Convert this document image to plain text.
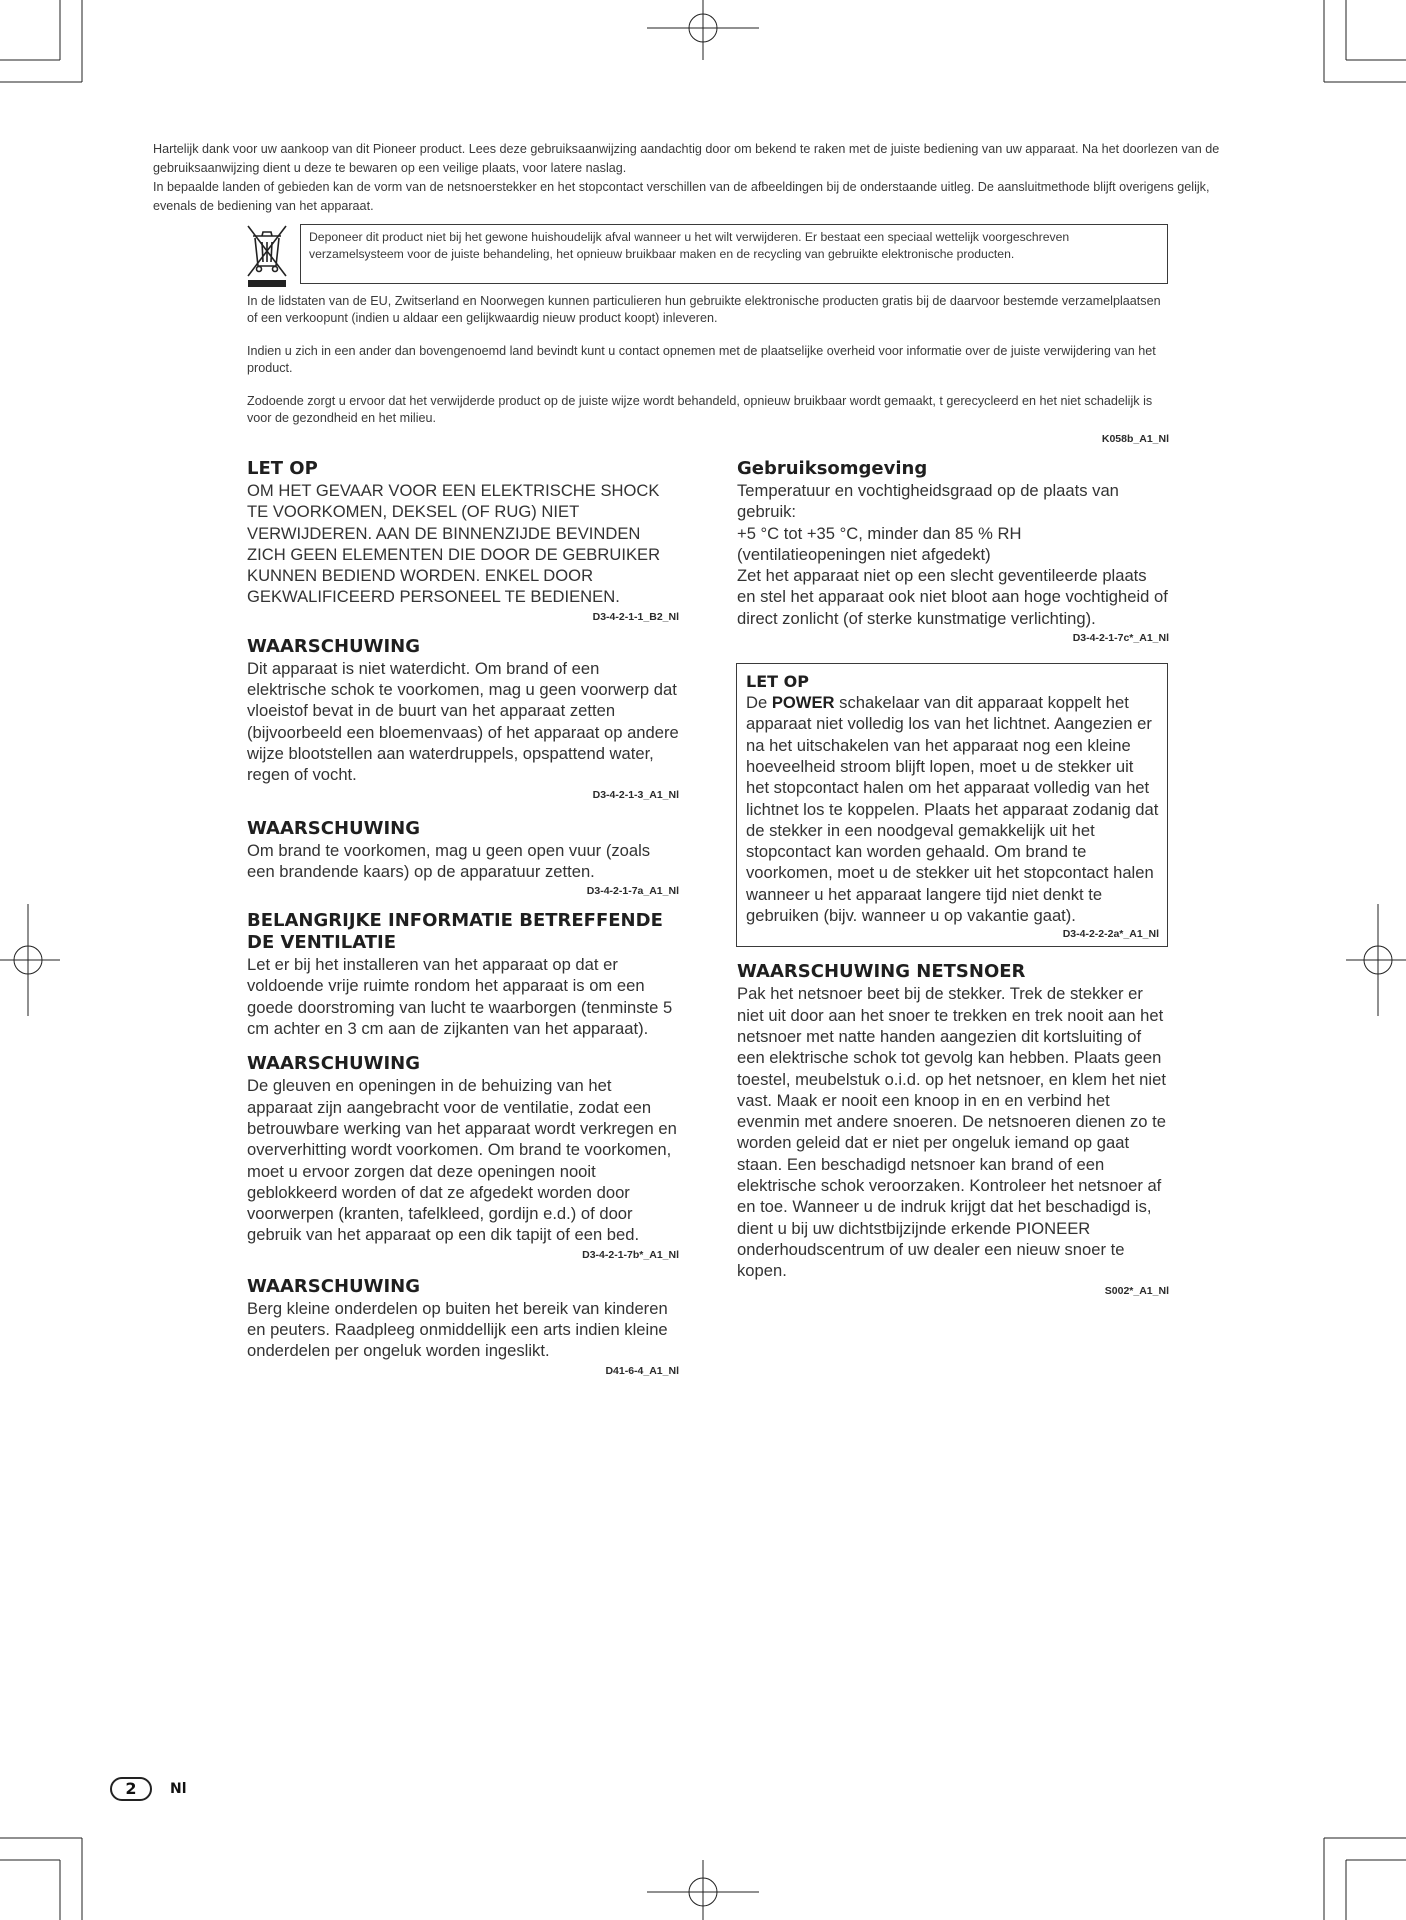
Hartelijk dank voor uw aankoop van dit Pioneer product. Lees deze gebruiksaanwijzing aandachtig door om bekend te raken met de juiste bediening van uw apparaat. Na het doorlezen van de gebruiksaanwijzing dient u deze te bewaren op een veilige plaats, voor latere naslag.

In bepaalde landen of gebieden kan de vorm van de netsnoerstekker en het stopcontact verschillen van de afbeeldingen bij de onderstaande uitleg. De aansluitmethode blijft overigens gelijk, evenals de bediening van het apparaat.

Deponeer dit product niet bij het gewone huishoudelijk afval wanneer u het wilt verwijderen. Er bestaat een speciaal wettelijk voorgeschreven verzamelsysteem voor de juiste behandeling, het opnieuw bruikbaar maken en de recycling van gebruikte elektronische producten.
In de lidstaten van de EU, Zwitserland en Noorwegen kunnen particulieren hun gebruikte elektronische producten gratis bij de daarvoor bestemde verzamelplaatsen of een verkoopunt (indien u aldaar een gelijkwaardig nieuw product koopt) inleveren.
Indien u zich in een ander dan bovengenoemd land bevindt kunt u contact opnemen met de plaatselijke overheid voor informatie over de juiste verwijdering van het product.
Zodoende zorgt u ervoor dat het verwijderde product op de juiste wijze wordt behandeld, opnieuw bruikbaar wordt gemaakt, t gerecycleerd en het niet schadelijk is voor de gezondheid en het milieu.
K058b_A1_Nl
LET OP

OM HET GEVAAR VOOR EEN ELEKTRISCHE SHOCK TE VOORKOMEN, DEKSEL (OF RUG) NIET VERWIJDEREN. AAN DE BINNENZIJDE BEVINDEN ZICH GEEN ELEMENTEN DIE DOOR DE GEBRUIKER KUNNEN BEDIEND WORDEN. ENKEL DOOR GEKWALIFICEERD PERSONEEL TE BEDIENEN.

D3-4-2-1-1_B2_Nl
WAARSCHUWING

Dit apparaat is niet waterdicht. Om brand of een elektrische schok te voorkomen, mag u geen voorwerp dat vloeistof bevat in de buurt van het apparaat zetten (bijvoorbeeld een bloemenvaas) of het apparaat op andere wijze blootstellen aan waterdruppels, opspattend water, regen of vocht.

D3-4-2-1-3_A1_Nl
WAARSCHUWING

Om brand te voorkomen, mag u geen open vuur (zoals een brandende kaars) op de apparatuur zetten.

D3-4-2-1-7a_A1_Nl
BELANGRIJKE INFORMATIE BETREFFENDE DE VENTILATIE

Let er bij het installeren van het apparaat op dat er voldoende vrije ruimte rondom het apparaat is om een goede doorstroming van lucht te waarborgen (tenminste 5 cm achter en 3 cm aan de zijkanten van het apparaat).

WAARSCHUWING

De gleuven en openingen in de behuizing van het apparaat zijn aangebracht voor de ventilatie, zodat een betrouwbare werking van het apparaat wordt verkregen en oververhitting wordt voorkomen. Om brand te voorkomen, moet u ervoor zorgen dat deze openingen nooit geblokkeerd worden of dat ze afgedekt worden door voorwerpen (kranten, tafelkleed, gordijn e.d.) of door gebruik van het apparaat op een dik tapijt of een bed.

D3-4-2-1-7b*_A1_Nl
WAARSCHUWING

Berg kleine onderdelen op buiten het bereik van kinderen en peuters. Raadpleeg onmiddellijk een arts indien kleine onderdelen per ongeluk worden ingeslikt.

D41-6-4_A1_Nl
Gebruiksomgeving

Temperatuur en vochtigheidsgraad op de plaats van gebruik:
+5 °C tot +35 °C, minder dan 85 % RH (ventilatieopeningen niet afgedekt)
Zet het apparaat niet op een slecht geventileerde plaats en stel het apparaat ook niet bloot aan hoge vochtigheid of direct zonlicht (of sterke kunstmatige verlichting).

D3-4-2-1-7c*_A1_Nl
LET OP

De POWER schakelaar van dit apparaat koppelt het apparaat niet volledig los van het lichtnet. Aangezien er na het uitschakelen van het apparaat nog een kleine hoeveelheid stroom blijft lopen, moet u de stekker uit het stopcontact halen om het apparaat volledig van het lichtnet los te koppelen. Plaats het apparaat zodanig dat de stekker in een noodgeval gemakkelijk uit het stopcontact kan worden gehaald. Om brand te voorkomen, moet u de stekker uit het stopcontact halen wanneer u het apparaat langere tijd niet denkt te gebruiken (bijv. wanneer u op vakantie gaat).

D3-4-2-2-2a*_A1_Nl
WAARSCHUWING NETSNOER

Pak het netsnoer beet bij de stekker. Trek de stekker er niet uit door aan het snoer te trekken en trek nooit aan het netsnoer met natte handen aangezien dit kortsluiting of een elektrische schok tot gevolg kan hebben. Plaats geen toestel, meubelstuk o.i.d. op het netsnoer, en klem het niet vast. Maak er nooit een knoop in en en verbind het evenmin met andere snoeren. De netsnoeren dienen zo te worden geleid dat er niet per ongeluk iemand op gaat staan. Een beschadigd netsnoer kan brand of een elektrische schok veroorzaken. Kontroleer het netsnoer af en toe. Wanneer u de indruk krijgt dat het beschadigd is, dient u bij uw dichtstbijzijnde erkende PIONEER onderhoudscentrum of uw dealer een nieuw snoer te kopen.

S002*_A1_Nl
2	Nl
